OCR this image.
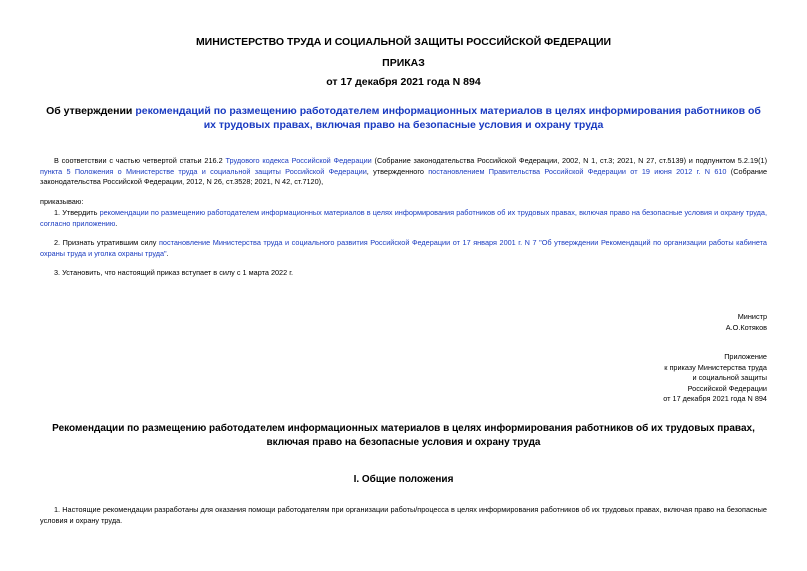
МИНИСТЕРСТВО ТРУДА И СОЦИАЛЬНОЙ ЗАЩИТЫ РОССИЙСКОЙ ФЕДЕРАЦИИ
ПРИКАЗ
от 17 декабря 2021 года N 894
Об утверждении рекомендаций по размещению работодателем информационных материалов в целях информирования работников об их трудовых правах, включая право на безопасные условия и охрану труда
В соответствии с частью четвертой статьи 216.2 Трудового кодекса Российской Федерации (Собрание законодательства Российской Федерации, 2002, N 1, ст.3; 2021, N 27, ст.5139) и подпунктом 5.2.19(1) пункта 5 Положения о Министерстве труда и социальной защиты Российской Федерации, утвержденного постановлением Правительства Российской Федерации от 19 июня 2012 г. N 610 (Собрание законодательства Российской Федерации, 2012, N 26, ст.3528; 2021, N 42, ст.7120),
приказываю:
1. Утвердить рекомендации по размещению работодателем информационных материалов в целях информирования работников об их трудовых правах, включая право на безопасные условия и охрану труда, согласно приложению.
2. Признать утратившим силу постановление Министерства труда и социального развития Российской Федерации от 17 января 2001 г. N 7 "Об утверждении Рекомендаций по организации работы кабинета охраны труда и уголка охраны труда".
3. Установить, что настоящий приказ вступает в силу с 1 марта 2022 г.
Министр
А.О.Котяков
Приложение
к приказу Министерства труда
и социальной защиты
Российской Федерации
от 17 декабря 2021 года N 894
Рекомендации по размещению работодателем информационных материалов в целях информирования работников об их трудовых правах, включая право на безопасные условия и охрану труда
I. Общие положения
1. Настоящие рекомендации разработаны для оказания помощи работодателям при организации работы/процесса в целях информирования работников об их трудовых правах, включая право на безопасные условия и охрану труда.
